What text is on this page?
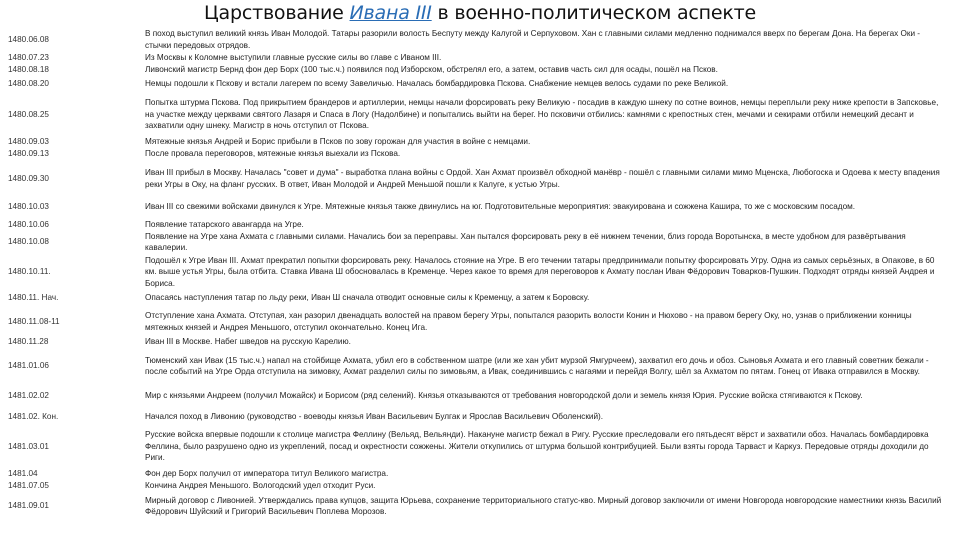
Царствование Ивана III в военно-политическом аспекте
1480.06.08
В поход выступил великий князь Иван Молодой. Татары разорили волость Беспуту между Калугой и Серпуховом. Хан с главными силами медленно поднимался вверх по берегам Дона. На берегах Оки - стычки передовых отрядов.
1480.07.23	Из Москвы к Коломне выступили главные русские силы во главе с Иваном III.
1480.08.18	Ливонский магистр Бернд фон дер Борх (100 тыс.ч.) появился под Изборском, обстрелял его, а затем, оставив часть сил для осады, пошёл на Псков.
1480.08.20	Немцы подошли к Пскову и встали лагерем по всему Завеличью. Началась бомбардировка Пскова. Снабжение немцев велось судами по реке Великой.
1480.08.25
Попытка штурма Пскова. Под прикрытием брандеров и артиллерии, немцы начали форсировать реку Великую - посадив в каждую шнеку по сотне воинов, немцы переплыли реку ниже крепости в Запсковье, на участке между церквами святого Лазаря и Спаса в Логу (Надолбине) и попытались выйти на берег. Но псковичи отбились: камнями с крепостных стен, мечами и секирами отбили немецкий десант и захватили одну шнеку. Магистр в ночь отступил от Пскова.
1480.09.03	Мятежные князья Андрей и Борис прибыли в Псков по зову горожан для участия в войне с немцами.
1480.09.13	После провала переговоров, мятежные князья выехали из Пскова.
1480.09.30
Иван III прибыл в Москву. Началась "совет и дума" - выработка плана войны с Ордой. Хан Ахмат произвёл обходной манёвр - пошёл с главными силами мимо Мценска, Любогоска и Одоева к месту впадения реки Угры в Оку, на фланг русских. В ответ, Иван Молодой и Андрей Меньшой пошли к Калуге, к устью Угры.
1480.10.03	Иван III со свежими войсками двинулся к Угре. Мятежные князья также двинулись на юг. Подготовительные мероприятия: эвакуирована и сожжена Кашира, то же с московским посадом.
1480.10.06	Появление татарского авангарда на Угре.
1480.10.08
Появление на Угре хана Ахмата с главными силами. Начались бои за переправы. Хан пытался форсировать реку в её нижнем течении, близ города Воротынска, в месте удобном для развёртывания кавалерии.
1480.10.11.
Подошёл к Угре Иван III. Ахмат прекратил попытки форсировать реку. Началось стояние на Угре. В его течении татары предпринимали попытку форсировать Угру. Одна из самых серьёзных, в Опакове, в 60 км. выше устья Угры, была отбита. Ставка Ивана Ш обосновалась в Кременце. Через какое то время для переговоров к Ахмату послан Иван Фёдорович Товарков-Пушкин. Подходят отряды князей Андрея и Бориса.
1480.11. Нач.	Опасаясь наступления татар по льду реки, Иван Ш сначала отводит основные силы к Кременцу, а затем к Боровску.
1480.11.08-11
Отступление хана Ахмата. Отступая, хан разорил двенадцать волостей на правом берегу Угры, попытался разорить волости Конин и Нюхово - на правом берегу Оку, но, узнав о приближении конницы мятежных князей и Андрея Меньшого, отступил окончательно. Конец Ига.
1480.11.28	Иван III в Москве. Набег шведов на русскую Карелию.
1481.01.06
Тюменский хан Ивак (15 тыс.ч.) напал на стойбище Ахмата, убил его в собственном шатре (или же хан убит мурзой Ямгурчеем), захватил его дочь и обоз. Сыновья Ахмата и его главный советник бежали - после событий на Угре Орда отступила на зимовку, Ахмат разделил силы по зимовьям, а Ивак, соединившись с нагаями и перейдя Волгу, шёл за Ахматом по пятам. Гонец от Ивака отправился в Москву.
1481.02.02	Мир с князьями Андреем (получил Можайск) и Борисом (ряд селений). Князья отказываются от требования новгородской доли и земель князя Юрия. Русские войска стягиваются к Пскову.
1481.02. Кон.	Начался поход в Ливонию (руководство - воеводы князья Иван Васильевич Булгак и Ярослав Васильевич Оболенский).
1481.03.01
Русские войска впервые подошли к столице магистра Феллину (Вельяд, Вельянди). Накануне магистр бежал в Ригу. Русские преследовали его пятьдесят вёрст и захватили обоз. Началась бомбардировка Феллина, было разрушено одно из укреплений, посад и окрестности сожжены. Жители откупились от штурма большой контрибуцией. Были взяты города Тарваст и Каркуз. Передовые отряды доходили до Риги.
1481.04	Фон дер Борх получил от императора титул Великого магистра.
1481.07.05	Кончина Андрея Меньшого. Вологодский удел отходит Руси.
1481.09.01
Мирный договор с Ливонией. Утверждались права купцов, защита Юрьева, сохранение территориального статус-кво. Мирный договор заключили от имени Новгорода новгородские наместники князь Василий Фёдорович Шуйский и Григорий Васильевич Поплева Морозов.
